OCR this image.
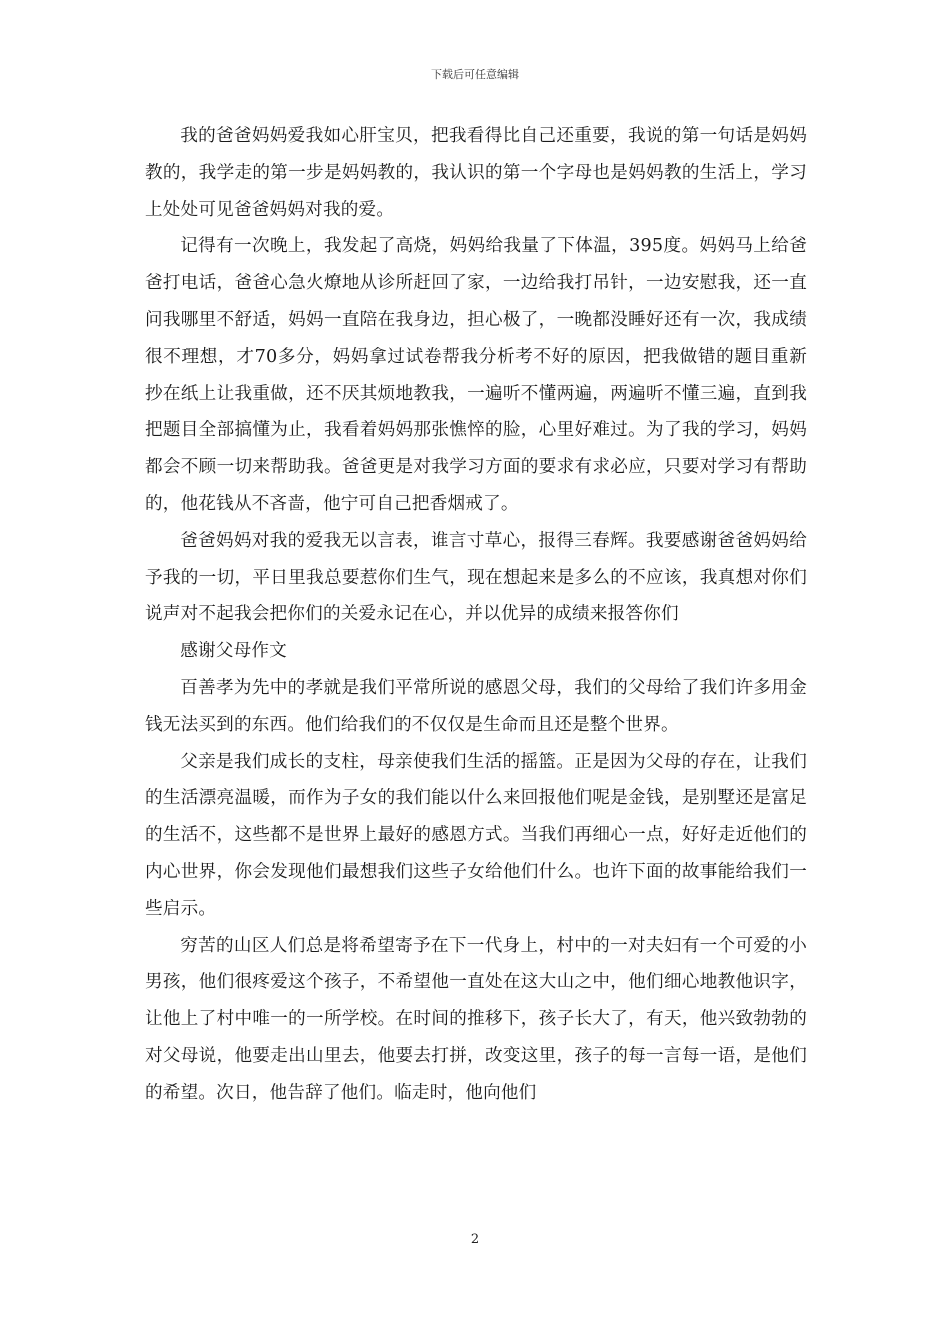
下载后可任意编辑

我的爸爸妈妈爱我如心肝宝贝，把我看得比自己还重要，我说的第一句话是妈妈教的，我学走的第一步是妈妈教的，我认识的第一个字母也是妈妈教的生活上，学习上处处可见爸爸妈妈对我的爱。

记得有一次晚上，我发起了高烧，妈妈给我量了下体温，395度。妈妈马上给爸爸打电话，爸爸心急火燎地从诊所赶回了家，一边给我打吊针，一边安慰我，还一直问我哪里不舒适，妈妈一直陪在我身边，担心极了，一晚都没睡好还有一次，我成绩很不理想，才70多分，妈妈拿过试卷帮我分析考不好的原因，把我做错的题目重新抄在纸上让我重做，还不厌其烦地教我，一遍听不懂两遍，两遍听不懂三遍，直到我把题目全部搞懂为止，我看着妈妈那张憔悴的脸，心里好难过。为了我的学习，妈妈都会不顾一切来帮助我。爸爸更是对我学习方面的要求有求必应，只要对学习有帮助的，他花钱从不吝啬，他宁可自己把香烟戒了。

爸爸妈妈对我的爱我无以言表，谁言寸草心，报得三春辉。我要感谢爸爸妈妈给予我的一切，平日里我总要惹你们生气，现在想起来是多么的不应该，我真想对你们说声对不起我会把你们的关爱永记在心，并以优异的成绩来报答你们

感谢父母作文

百善孝为先中的孝就是我们平常所说的感恩父母，我们的父母给了我们许多用金钱无法买到的东西。他们给我们的不仅仅是生命而且还是整个世界。

父亲是我们成长的支柱，母亲使我们生活的摇篮。正是因为父母的存在，让我们的生活漂亮温暖，而作为子女的我们能以什么来回报他们呢是金钱，是别墅还是富足的生活不，这些都不是世界上最好的感恩方式。当我们再细心一点，好好走近他们的内心世界，你会发现他们最想我们这些子女给他们什么。也许下面的故事能给我们一些启示。

穷苦的山区人们总是将希望寄予在下一代身上，村中的一对夫妇有一个可爱的小男孩，他们很疼爱这个孩子，不希望他一直处在这大山之中，他们细心地教他识字，让他上了村中唯一的一所学校。在时间的推移下，孩子长大了，有天，他兴致勃勃的对父母说，他要走出山里去，他要去打拼，改变这里，孩子的每一言每一语，是他们的希望。次日，他告辞了他们。临走时，他向他们

2
